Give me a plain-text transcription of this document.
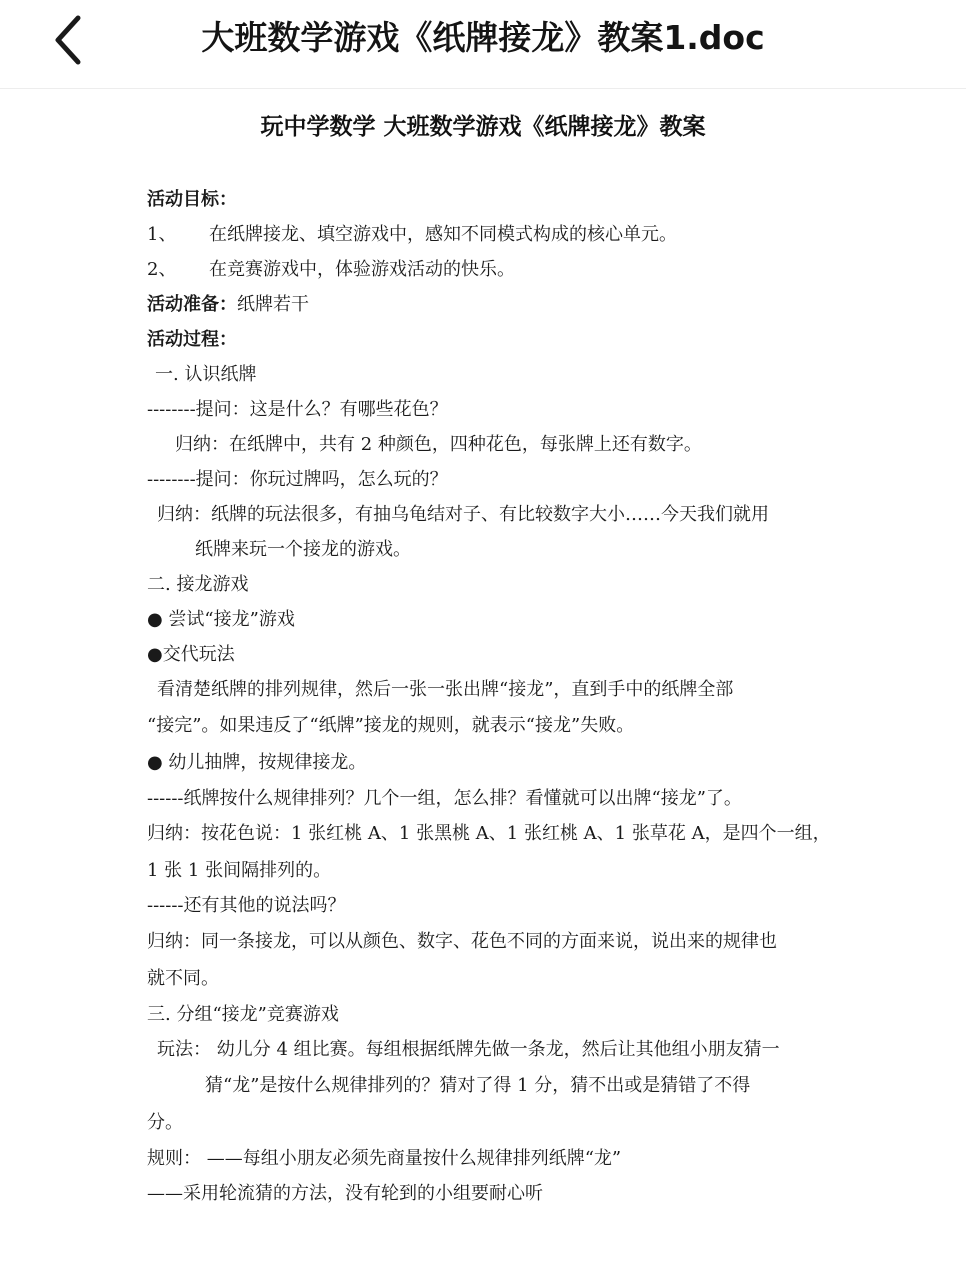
大班数学游戏《纸牌接龙》教案1.doc
玩中学数学 大班数学游戏《纸牌接龙》教案
活动目标：
1、 在纸牌接龙、填空游戏中，感知不同模式构成的核心单元。
2、 在竞赛游戏中，体验游戏活动的快乐。
活动准备：纸牌若干
活动过程：
一. 认识纸牌
--------提问：这是什么？有哪些花色？
归纳：在纸牌中，共有 2 种颜色，四种花色，每张牌上还有数字。
--------提问：你玩过牌吗，怎么玩的？
归纳：纸牌的玩法很多，有抽乌龟结对子、有比较数字大小……今天我们就用
纸牌来玩一个接龙的游戏。
二. 接龙游戏
● 尝试“接龙”游戏
●交代玩法
看清楚纸牌的排列规律，然后一张一张出牌“接龙”，直到手中的纸牌全部
“接完”。如果违反了“纸牌”接龙的规则，就表示“接龙”失败。
● 幼儿抽牌，按规律接龙。
------纸牌按什么规律排列？几个一组，怎么排？看懂就可以出牌“接龙”了。
归纳：按花色说：1 张红桃 A、1 张黑桃 A、1 张红桃 A、1 张草花 A，是四个一组，
1 张 1 张间隔排列的。
------还有其他的说法吗？
归纳：同一条接龙，可以从颜色、数字、花色不同的方面来说，说出来的规律也
就不同。
三. 分组“接龙”竞赛游戏
玩法： 幼儿分 4 组比赛。每组根据纸牌先做一条龙，然后让其他组小朋友猜一
猜“龙”是按什么规律排列的？猜对了得 1 分，猜不出或是猜错了不得
分。
规则： ——每组小朋友必须先商量按什么规律排列纸牌“龙”
——采用轮流猜的方法，没有轮到的小组要耐心听
